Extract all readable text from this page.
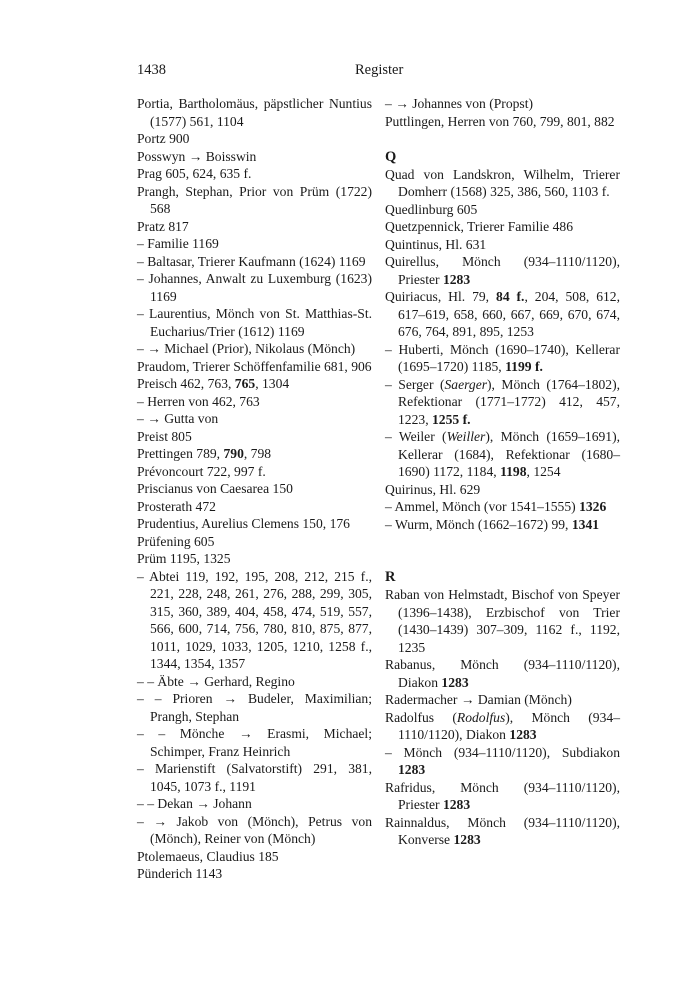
1438	Register
Portia, Bartholomäus, päpstlicher Nuntius (1577) 561, 1104
Portz 900
Posswyn → Boisswin
Prag 605, 624, 635 f.
Prangh, Stephan, Prior von Prüm (1722) 568
Pratz 817
– Familie 1169
– Baltasar, Trierer Kaufmann (1624) 1169
– Johannes, Anwalt zu Luxemburg (1623) 1169
– Laurentius, Mönch von St. Matthias-St. Eucharius/Trier (1612) 1169
– → Michael (Prior), Nikolaus (Mönch)
Praudom, Trierer Schöffenfamilie 681, 906
Preisch 462, 763, 765, 1304
– Herren von 462, 763
– → Gutta von
Preist 805
Prettingen 789, 790, 798
Prévoncourt 722, 997 f.
Priscianus von Caesarea 150
Prosterath 472
Prudentius, Aurelius Clemens 150, 176
Prüfening 605
Prüm 1195, 1325
– Abtei 119, 192, 195, 208, 212, 215 f., 221, 228, 248, 261, 276, 288, 299, 305, 315, 360, 389, 404, 458, 474, 519, 557, 566, 600, 714, 756, 780, 810, 875, 877, 1011, 1029, 1033, 1205, 1210, 1258 f., 1344, 1354, 1357
– – Äbte → Gerhard, Regino
– – Prioren → Budeler, Maximilian; Prangh, Stephan
– – Mönche → Erasmi, Michael; Schimper, Franz Heinrich
– Marienstift (Salvatorstift) 291, 381, 1045, 1073 f., 1191
– – Dekan → Johann
– → Jakob von (Mönch), Petrus von (Mönch), Reiner von (Mönch)
Ptolemaeus, Claudius 185
Pünderich 1143
– → Johannes von (Propst)
Puttlingen, Herren von 760, 799, 801, 882
Q
Quad von Landskron, Wilhelm, Trierer Domherr (1568) 325, 386, 560, 1103 f.
Quedlinburg 605
Quetzpennick, Trierer Familie 486
Quintinus, Hl. 631
Quirellus, Mönch (934–1110/1120), Priester 1283
Quiriacus, Hl. 79, 84 f., 204, 508, 612, 617–619, 658, 660, 667, 669, 670, 674, 676, 764, 891, 895, 1253
– Huberti, Mönch (1690–1740), Kellerar (1695–1720) 1185, 1199 f.
– Serger (Saerger), Mönch (1764–1802), Refektionar (1771–1772) 412, 457, 1223, 1255 f.
– Weiler (Weiller), Mönch (1659–1691), Kellerar (1684), Refektionar (1680–1690) 1172, 1184, 1198, 1254
Quirinus, Hl. 629
– Ammel, Mönch (vor 1541–1555) 1326
– Wurm, Mönch (1662–1672) 99, 1341
R
Raban von Helmstadt, Bischof von Speyer (1396–1438), Erzbischof von Trier (1430–1439) 307–309, 1162 f., 1192, 1235
Rabanus, Mönch (934–1110/1120), Diakon 1283
Radermacher → Damian (Mönch)
Radolfus (Rodolfus), Mönch (934–1110/1120), Diakon 1283
– Mönch (934–1110/1120), Subdiakon 1283
Rafridus, Mönch (934–1110/1120), Priester 1283
Rainnaldus, Mönch (934–1110/1120), Konverse 1283
